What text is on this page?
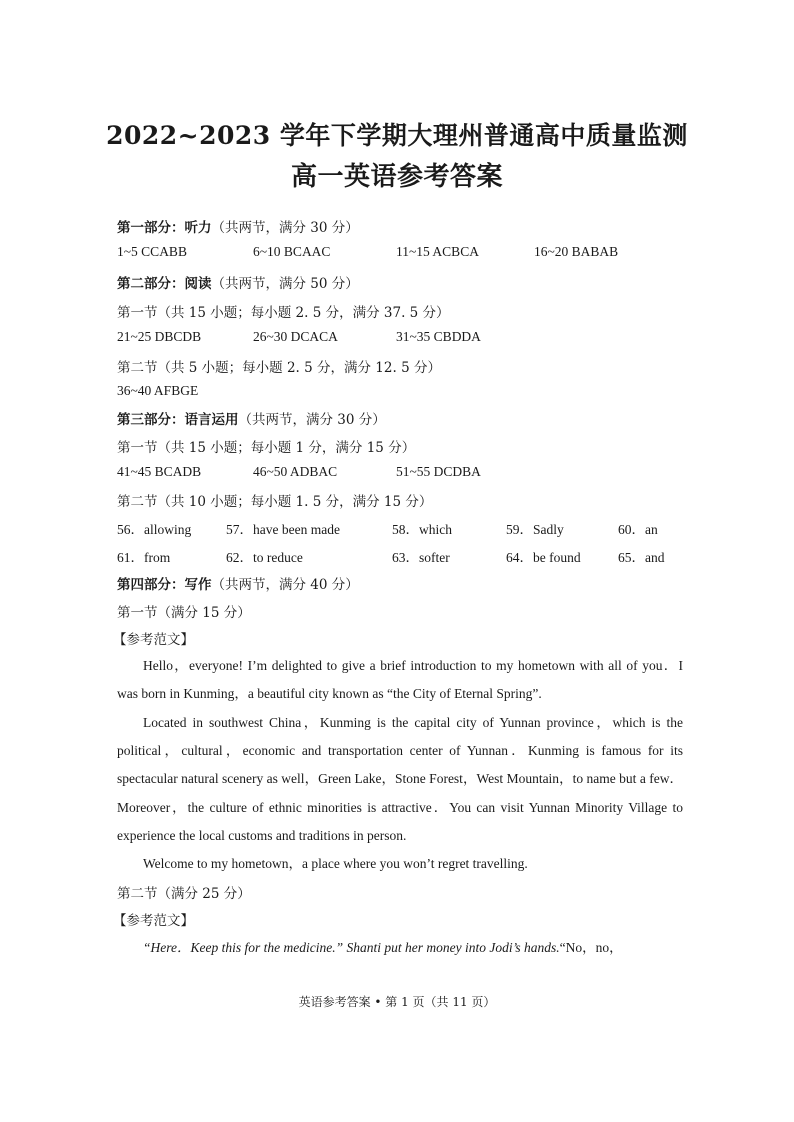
2022~2023 学年下学期大理州普通高中质量监测
高一英语参考答案
第一部分：听力（共两节，满分 30 分）
1~5 CCABB	6~10 BCAAC	11~15 ACBCA	16~20 BABAB
第二部分：阅读（共两节，满分 50 分）
第一节（共 15 小题；每小题 2. 5 分，满分 37. 5 分）
21~25 DBCDB	26~30 DCACA	31~35 CBDDA
第二节（共 5 小题；每小题 2. 5 分，满分 12. 5 分）
36~40 AFBGE
第三部分：语言运用（共两节，满分 30 分）
第一节（共 15 小题；每小题 1 分，满分 15 分）
41~45 BCADB	46~50 ADBAC	51~55 DCDBA
第二节（共 10 小题；每小题 1. 5 分，满分 15 分）
56．allowing	57．have been made	58．which	59．Sadly	60．an
61．from	62．to reduce	63．softer	64．be found	65．and
第四部分：写作（共两节，满分 40 分）
第一节（满分 15 分）
【参考范文】
Hello，everyone! I’m delighted to give a brief introduction to my hometown with all of you．I was born in Kunming，a beautiful city known as “the City of Eternal Spring”.
Located in southwest China，Kunming is the capital city of Yunnan province，which is the political，cultural，economic and transportation center of Yunnan．Kunming is famous for its spectacular natural scenery as well，Green Lake，Stone Forest，West Mountain，to name but a few．Moreover，the culture of ethnic minorities is attractive．You can visit Yunnan Minority Village to experience the local customs and traditions in person.
Welcome to my hometown，a place where you won’t regret travelling.
第二节（满分 25 分）
【参考范文】
“Here．Keep this for the medicine.” Shanti put her money into Jodi’s hands.“No，no，
英语参考答案 • 第 1 页（共 11 页）
